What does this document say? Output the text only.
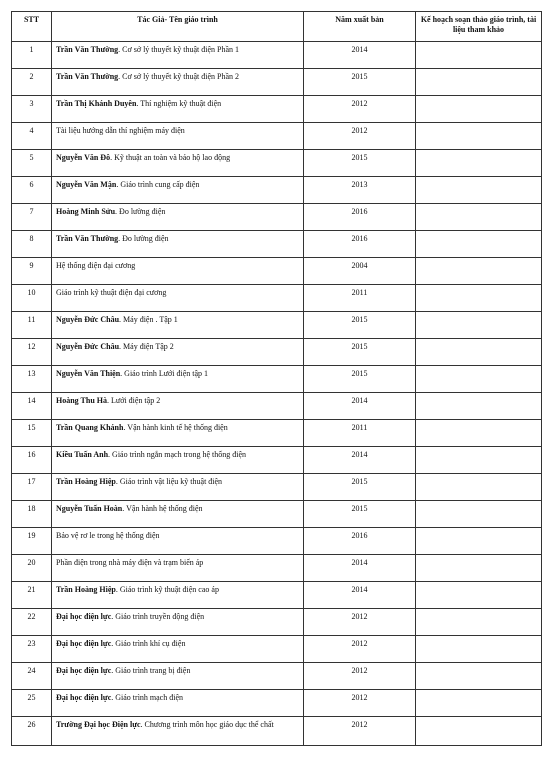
STT	Tác Giả- Tên giáo trình	Năm xuất bản	Kế hoạch soạn thảo giáo trình, tài liệu tham khảo
1	Trần Văn Thường. Cơ sở lý thuyết kỹ thuật điện Phần 1	2014	
2	Trần Văn Thường. Cơ sở lý thuyết kỹ thuật điện Phần 2	2015	
3	Trần Thị Khánh Duyên. Thí nghiệm kỹ thuật điện	2012	
4	Tài liệu hướng dẫn thí nghiệm máy điện	2012	
5	Nguyễn Văn Đô. Kỹ thuật an toàn và bảo hộ lao động	2015	
6	Nguyễn Văn Mận. Giáo trình cung cấp điện	2013	
7	Hoàng Minh Sửu. Đo lường điện	2016	
8	Trần Văn Thường. Đo lường điện	2016	
9	Hệ thống điện đại cương	2004	
10	Giáo trình kỹ thuật điện đại cương	2011	
11	Nguyễn Đức Châu. Máy điện . Tập 1	2015	
12	Nguyễn Đức Châu. Máy điện Tập 2	2015	
13	Nguyễn Văn Thiện. Giáo trình Lưới điện tập 1	2015	
14	Hoàng Thu Hà. Lưới điện tập 2	2014	
15	Trần Quang Khánh. Vận hành kinh tế hệ thống điện	2011	
16	Kiều Tuấn Anh. Giáo trình ngắn mạch trong hệ thống điện	2014	
17	Trần Hoàng Hiệp. Giáo trình vật liệu kỹ thuật điện	2015	
18	Nguyễn Tuấn Hoàn. Vận hành hệ thống điện	2015	
19	Bảo vệ rơ le trong hệ thống điện	2016	
20	Phần điện trong nhà máy điện và trạm biến áp	2014	
21	Trần Hoàng Hiệp. Giáo trình kỹ thuật điện cao áp	2014	
22	Đại học điện lực. Giáo trình truyền động điện	2012	
23	Đại học điện lực. Giáo trình khí cụ điện	2012	
24	Đại học điện lực. Giáo trình trang bị điện	2012	
25	Đại học điện lực. Giáo trình mạch điện	2012	
26	Trường Đại học Điện lực. Chương trình môn học giáo dục thể chất	2012	
